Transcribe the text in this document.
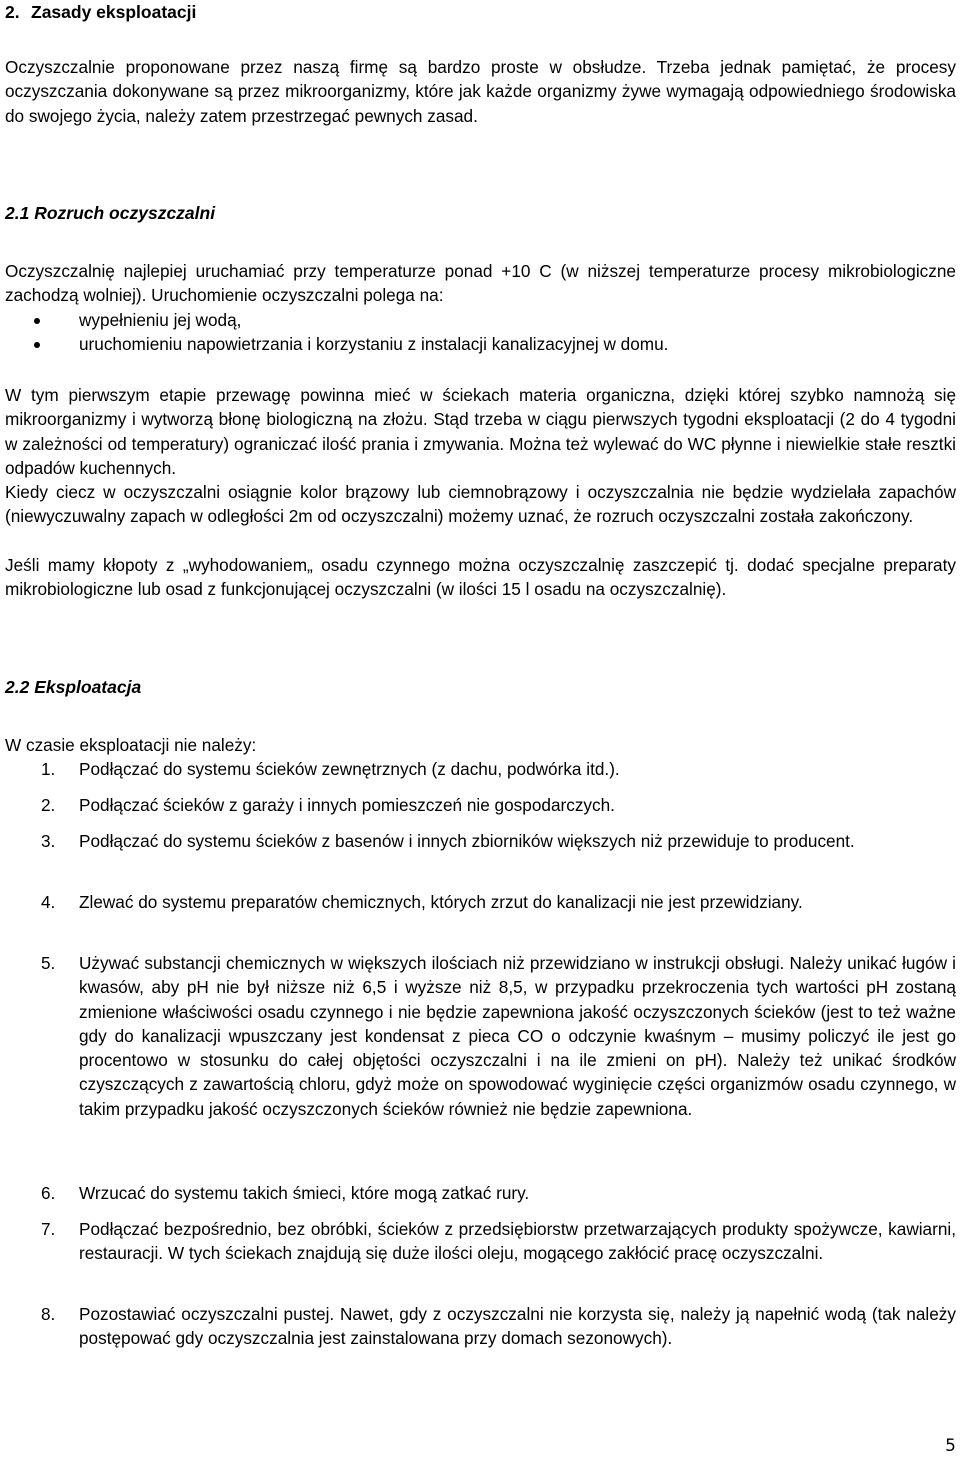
2. Zasady eksploatacji

Oczyszczalnie proponowane przez naszą firmę są bardzo proste w obsłudze. Trzeba jednak pamiętać, że procesy oczyszczania dokonywane są przez mikroorganizmy, które jak każde organizmy żywe wymagają odpowiedniego środowiska do swojego życia, należy zatem przestrzegać pewnych zasad.

2.1 Rozruch oczyszczalni

Oczyszczalnię najlepiej uruchamiać przy temperaturze ponad +10 C (w niższej temperaturze procesy mikrobiologiczne zachodzą wolniej). Uruchomienie oczyszczalni polega na:

wypełnieniu jej wodą,
uruchomieniu napowietrzania i korzystaniu z instalacji kanalizacyjnej w domu.

W tym pierwszym etapie przewagę powinna mieć w ściekach materia organiczna, dzięki której szybko namnożą się mikroorganizmy i wytworzą błonę biologiczną na złożu. Stąd trzeba w ciągu pierwszych tygodni eksploatacji (2 do 4 tygodni w zależności od temperatury) ograniczać ilość prania i zmywania. Można też wylewać do WC płynne i niewielkie stałe resztki odpadów kuchennych.

Kiedy ciecz w oczyszczalni osiągnie kolor brązowy lub ciemnobrązowy i oczyszczalnia nie będzie wydzielała zapachów (niewyczuwalny zapach w odległości 2m od oczyszczalni) możemy uznać, że rozruch oczyszczalni została zakończony.

Jeśli mamy kłopoty z „wyhodowaniem„ osadu czynnego można oczyszczalnię zaszczepić tj. dodać specjalne preparaty mikrobiologiczne lub osad z funkcjonującej oczyszczalni (w ilości 15 l osadu na oczyszczalnię).

2.2 Eksploatacja

W czasie eksploatacji nie należy:

1.	Podłączać do systemu ścieków zewnętrznych (z dachu, podwórka itd.).
2.	Podłączać ścieków z garaży i innych pomieszczeń nie gospodarczych.
3.	Podłączać do systemu ścieków z basenów i innych zbiorników większych niż przewiduje to producent.
4.	Zlewać do systemu preparatów chemicznych, których zrzut do kanalizacji nie jest przewidziany.
5.	Używać substancji chemicznych w większych ilościach niż przewidziano w instrukcji obsługi. Należy unikać ługów i kwasów, aby pH nie był niższe niż 6,5 i wyższe niż 8,5, w przypadku przekroczenia tych wartości pH zostaną zmienione właściwości osadu czynnego i nie będzie zapewniona jakość oczyszczonych ścieków (jest to też ważne gdy do kanalizacji wpuszczany jest kondensat z pieca CO o odczynie kwaśnym – musimy policzyć ile jest go procentowo w stosunku do całej objętości oczyszczalni i na ile zmieni on pH). Należy też unikać środków czyszczących z zawartością chloru, gdyż może on spowodować wyginięcie części organizmów osadu czynnego, w takim przypadku jakość oczyszczonych ścieków również nie będzie zapewniona.
6.	Wrzucać do systemu takich śmieci, które mogą zatkać rury.
7.	Podłączać bezpośrednio, bez obróbki, ścieków z przedsiębiorstw przetwarzających produkty spożywcze, kawiarni, restauracji. W tych ściekach znajdują się duże ilości oleju, mogącego zakłócić pracę oczyszczalni.
8.	Pozostawiać oczyszczalni pustej. Nawet, gdy z oczyszczalni nie korzysta się, należy ją napełnić wodą (tak należy postępować gdy oczyszczalnia jest zainstalowana przy domach sezonowych).
5
